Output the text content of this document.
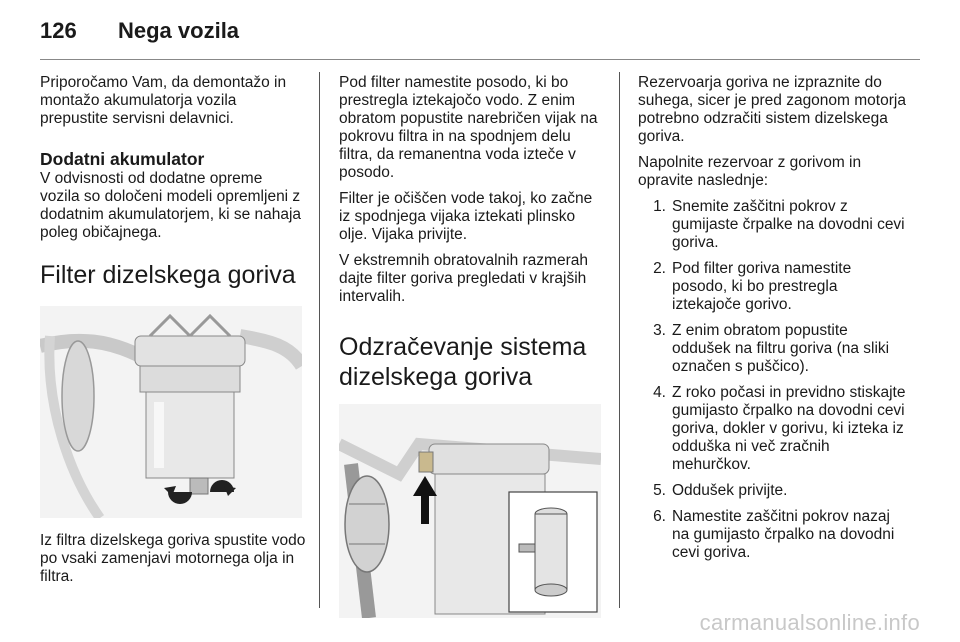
126	Nega vozila

Priporočamo Vam, da demontažo in montažo akumulatorja vozila prepustite servisni delavnici.

Dodatni akumulator

V odvisnosti od dodatne opreme vozila so določeni modeli opremljeni z dodatnim akumulatorjem, ki se nahaja poleg običajnega.

Filter dizelskega goriva

Iz filtra dizelskega goriva spustite vodo po vsaki zamenjavi motornega olja in filtra.

Pod filter namestite posodo, ki bo prestregla iztekajočo vodo. Z enim obratom popustite narebričen vijak na pokrovu filtra in na spodnjem delu filtra, da remanentna voda izteče v posodo.

Filter je očiščen vode takoj, ko začne iz spodnjega vijaka iztekati plinsko olje. Vijaka privijte.

V ekstremnih obratovalnih razmerah dajte filter goriva pregledati v krajših intervalih.

Odzračevanje sistema
dizelskega goriva

Rezervoarja goriva ne izpraznite do suhega, sicer je pred zagonom motorja potrebno odzračiti sistem dizelskega goriva.

Napolnite rezervoar z gorivom in opravite naslednje:

1. Snemite zaščitni pokrov z gumijaste črpalke na dovodni cevi goriva.
2. Pod filter goriva namestite posodo, ki bo prestregla iztekajoče gorivo.
3. Z enim obratom popustite oddušek na filtru goriva (na sliki označen s puščico).
4. Z roko počasi in previdno stiskajte gumijasto črpalko na dovodni cevi goriva, dokler v gorivu, ki izteka iz odduška ni več zračnih mehurčkov.
5. Oddušek privijte.
6. Namestite zaščitni pokrov nazaj na gumijasto črpalko na dovodni cevi goriva.
carmanualsonline.info
